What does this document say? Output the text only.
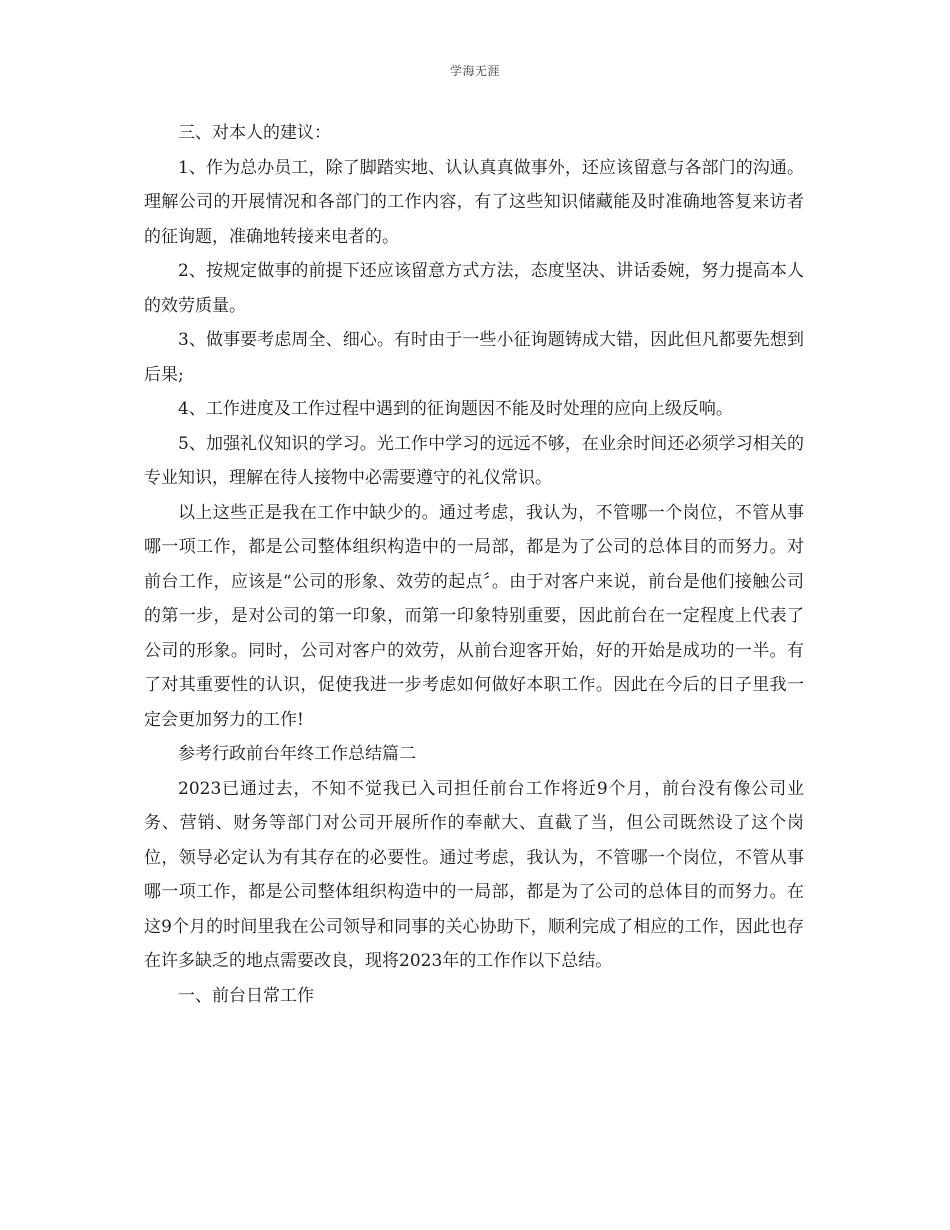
学海无涯

三、对本人的建议：

1、作为总办员工，除了脚踏实地、认认真真做事外，还应该留意与各部门的沟通。理解公司的开展情况和各部门的工作内容，有了这些知识储藏能及时准确地答复来访者的征询题，准确地转接来电者的。

2、按规定做事的前提下还应该留意方式方法，态度坚决、讲话委婉，努力提高本人的效劳质量。

3、做事要考虑周全、细心。有时由于一些小征询题铸成大错，因此但凡都要先想到后果;

4、工作进度及工作过程中遇到的征询题因不能及时处理的应向上级反响。

5、加强礼仪知识的学习。光工作中学习的远远不够，在业余时间还必须学习相关的专业知识，理解在待人接物中必需要遵守的礼仪常识。

以上这些正是我在工作中缺少的。通过考虑，我认为，不管哪一个岗位，不管从事哪一项工作，都是公司整体组织构造中的一局部，都是为了公司的总体目的而努力。对前台工作，应该是“公司的形象、效劳的起点〞。由于对客户来说，前台是他们接触公司的第一步，是对公司的第一印象，而第一印象特别重要，因此前台在一定程度上代表了公司的形象。同时，公司对客户的效劳，从前台迎客开始，好的开始是成功的一半。有了对其重要性的认识，促使我进一步考虑如何做好本职工作。因此在今后的日子里我一定会更加努力的工作!

参考行政前台年终工作总结篇二

2023已通过去，不知不觉我已入司担任前台工作将近9个月，前台没有像公司业务、营销、财务等部门对公司开展所作的奉献大、直截了当，但公司既然设了这个岗位，领导必定认为有其存在的必要性。通过考虑，我认为，不管哪一个岗位，不管从事哪一项工作，都是公司整体组织构造中的一局部，都是为了公司的总体目的而努力。在这9个月的时间里我在公司领导和同事的关心协助下，顺利完成了相应的工作，因此也存在许多缺乏的地点需要改良，现将2023年的工作作以下总结。

一、前台日常工作
